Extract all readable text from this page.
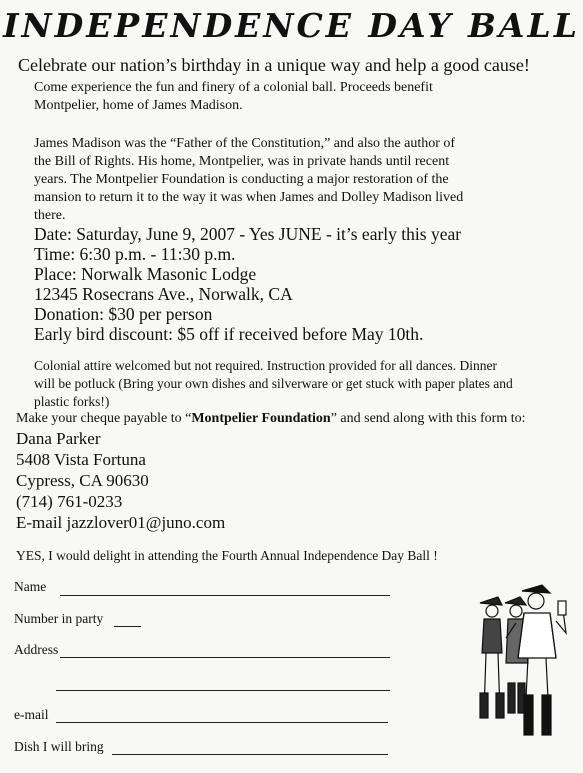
INDEPENDENCE DAY BALL
Celebrate our nation’s birthday in a unique way and help a good cause!
Come experience the fun and finery of a colonial ball. Proceeds benefit
Montpelier, home of James Madison.
James Madison was the “Father of the Constitution,” and also the author of
the Bill of Rights. His home, Montpelier, was in private hands until recent
years. The Montpelier Foundation is conducting a major restoration of the
mansion to return it to the way it was when James and Dolley Madison lived
there.
Date: Saturday, June 9, 2007 - Yes JUNE - it’s early this year
Time: 6:30 p.m. - 11:30 p.m.
Place: Norwalk Masonic Lodge
12345 Rosecrans Ave., Norwalk, CA
Donation: $30 per person
Early bird discount: $5 off if received before May 10th.
Colonial attire welcomed but not required. Instruction provided for all dances. Dinner
will be potluck (Bring your own dishes and silverware or get stuck with paper plates and
plastic forks!)
Make your cheque payable to “Montpelier Foundation” and send along with this form to:
Dana Parker
5408 Vista Fortuna
Cypress, CA 90630
(714) 761-0233
E-mail jazzlover01@juno.com
YES, I would delight in attending the Fourth Annual Independence Day Ball !
Name
Number in party
Address
e-mail
Dish I will bring
